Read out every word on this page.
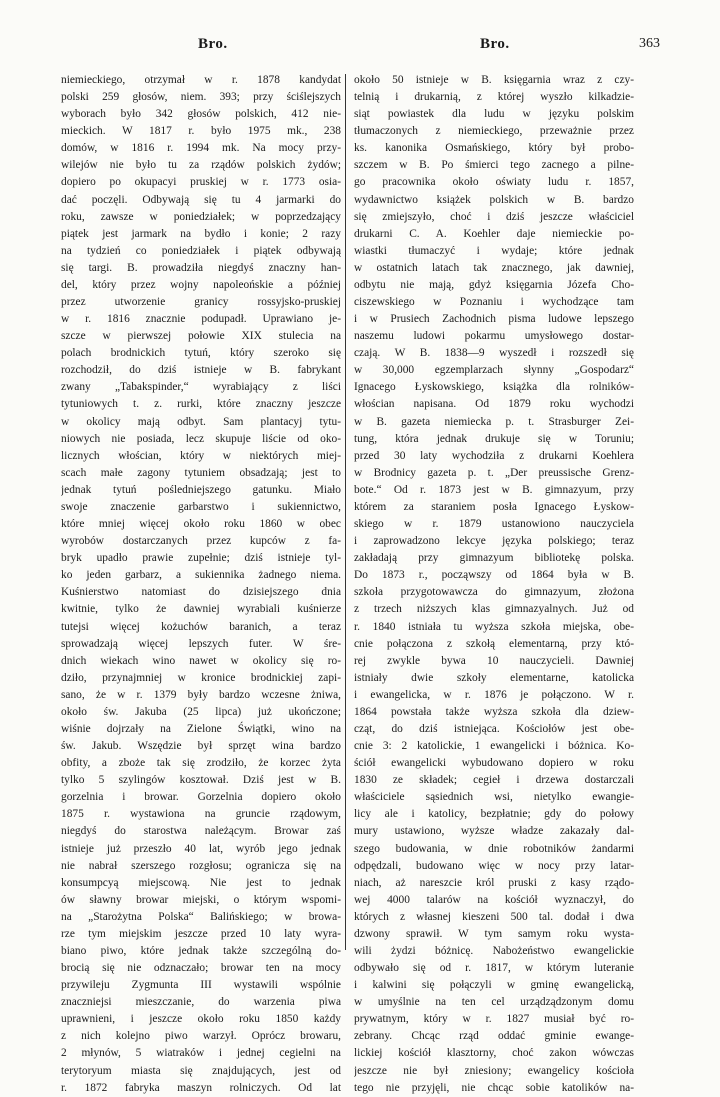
Bro.	Bro.	363
niemieckiego, otrzymał w r. 1878 kandydat
polski 259 głosów, niem. 393; przy ściślejszych
wyborach było 342 głosów polskich, 412 nie-
mieckich. W 1817 r. było 1975 mk., 238
domów, w 1816 r. 1994 mk. Na mocy przy-
wilejów nie było tu za rządów polskich żydów;
dopiero po okupacyi pruskiej w r. 1773 osia-
dać poczęli. Odbywają się tu 4 jarmarki do
roku, zawsze w poniedziałek; w poprzedzający
piątek jest jarmark na bydło i konie; 2 razy
na tydzień co poniedziałek i piątek odbywają
się targi. B. prowadziła niegdyś znaczny han-
del, który przez wojny napoleońskie a później
przez utworzenie granicy rossyjsko-pruskiej
w r. 1816 znacznie podupadł. Uprawiano je-
szcze w pierwszej połowie XIX stulecia na
polach brodnickich tytuń, który szeroko się
rozchodził, do dziś istnieje w B. fabrykant
zwany „Tabakspinder,“ wyrabiający z liści
tytuniowych t. z. rurki, które znaczny jeszcze
w okolicy mają odbyt. Sam plantacyj tytu-
niowych nie posiada, lecz skupuje liście od oko-
licznych włościan, który w niektórych miej-
scach małe zagony tytuniem obsadzają; jest to
jednak tytuń pośledniejszego gatunku. Miało
swoje znaczenie garbarstwo i sukiennictwo,
które mniej więcej około roku 1860 w obec
wyrobów dostarczanych przez kupców z fa-
bryk upadło prawie zupełnie; dziś istnieje tyl-
ko jeden garbarz, a sukiennika żadnego niema.
Kuśnierstwo natomiast do dzisiejszego dnia
kwitnie, tylko że dawniej wyrabiali kuśnierze
tutejsi więcej kożuchów baranich, a teraz
sprowadzają więcej lepszych futer. W śre-
dnich wiekach wino nawet w okolicy się ro-
dziło, przynajmniej w kronice brodnickiej zapi-
sano, że w r. 1379 były bardzo wczesne żniwa,
około św. Jakuba (25 lipca) już ukończone;
wiśnie dojrzały na Zielone Świątki, wino na
św. Jakub. Wszędzie był sprzęt wina bardzo
obfity, a zboże tak się zrodziło, że korzec żyta
tylko 5 szylingów kosztował. Dziś jest w B.
gorzelnia i browar. Gorzelnia dopiero około
1875 r. wystawiona na gruncie rządowym,
niegdyś do starostwa należącym. Browar zaś
istnieje już przeszło 40 lat, wyrób jego jednak
nie nabrał szerszego rozgłosu; ogranicza się na
konsumpcyą miejscową. Nie jest to jednak
ów sławny browar miejski, o którym wspomi-
na „Starożytna Polska“ Balińskiego; w browa-
rze tym miejskim jeszcze przed 10 laty wyra-
biano piwo, które jednak także szczególną do-
brocią się nie odznaczało; browar ten na mocy
przywileju Zygmunta III wystawili wspólnie
znaczniejsi mieszczanie, do warzenia piwa
uprawnieni, i jeszcze około roku 1850 każdy
z nich kolejno piwo warzył. Oprócz browaru,
2 młynów, 5 wiatraków i jednej cegielni na
terytoryum miasta się znajdujących, jest od
r. 1872 fabryka maszyn rolniczych. Od lat
około 50 istnieje w B. księgarnia wraz z czy-
telnią i drukarnią, z której wyszło kilkadzie-
siąt powiastek dla ludu w języku polskim
tłumaczonych z niemieckiego, przeważnie przez
ks. kanonika Osmańskiego, który był probo-
szczem w B. Po śmierci tego zacnego a pilne-
go pracownika około oświaty ludu r. 1857,
wydawnictwo książek polskich w B. bardzo
się zmiejszyło, choć i dziś jeszcze właściciel
drukarni C. A. Koehler daje niemieckie po-
wiastki tłumaczyć i wydaje; które jednak
w ostatnich latach tak znacznego, jak dawniej,
odbytu nie mają, gdyż księgarnia Józefa Cho-
ciszewskiego w Poznaniu i wychodzące tam
i w Prusiech Zachodnich pisma ludowe lepszego
naszemu ludowi pokarmu umysłowego dostar-
czają. W B. 1838—9 wyszedł i rozszedł się
w 30,000 egzemplarzach słynny „Gospodarz“
Ignacego Łyskowskiego, książka dla rolników-
włościan napisana. Od 1879 roku wychodzi
w B. gazeta niemiecka p. t. Strasburger Zei-
tung, która jednak drukuje się w Toruniu;
przed 30 laty wychodziła z drukarni Koehlera
w Brodnicy gazeta p. t. „Der preussische Grenz-
bote.“ Od r. 1873 jest w B. gimnazyum, przy
którem za staraniem posła Ignacego Łyskow-
skiego w r. 1879 ustanowiono nauczyciela
i zaprowadzono lekcye języka polskiego; teraz
zakładają przy gimnazyum bibliotekę polska.
Do 1873 r., począwszy od 1864 była w B.
szkoła przygotowawcza do gimnazyum, złożona
z trzech niższych klas gimnazyalnych. Już od
r. 1840 istniała tu wyższa szkoła miejska, obe-
cnie połączona z szkołą elementarną, przy któ-
rej zwykle bywa 10 nauczycieli. Dawniej
istniały dwie szkoły elementarne, katolicka
i ewangelicka, w r. 1876 je połączono. W r.
1864 powstała także wyższa szkoła dla dziew-
cząt, do dziś istniejąca. Kościołów jest obe-
cnie 3: 2 katolickie, 1 ewangelicki i bóżnica. Ko-
ściół ewangelicki wybudowano dopiero w roku
1830 ze składek; cegieł i drzewa dostarczali
właściciele sąsiednich wsi, nietylko ewangie-
licy ale i katolicy, bezpłatnie; gdy do połowy
mury ustawiono, wyższe władze zakazały dal-
szego budowania, w dnie robotników żandarmi
odpędzali, budowano więc w nocy przy latar-
niach, aż nareszcie król pruski z kasy rządo-
wej 4000 talarów na kościół wyznaczył, do
których z własnej kieszeni 500 tal. dodał i dwa
dzwony sprawił. W tym samym roku wysta-
wili żydzi bóżnicę. Nabożeństwo ewangelickie
odbywało się od r. 1817, w którym luteranie
i kalwini się połączyli w gminę ewangelicką,
w umyślnie na ten cel urządządzonym domu
prywatnym, który w r. 1827 musiał być ro-
zebrany. Chcąc rząd oddać gminie ewange-
lickiej kościół klasztorny, choć zakon wówczas
jeszcze nie był zniesiony; ewangelicy kościoła
tego nie przyjęli, nie chcąc sobie katolików na-
